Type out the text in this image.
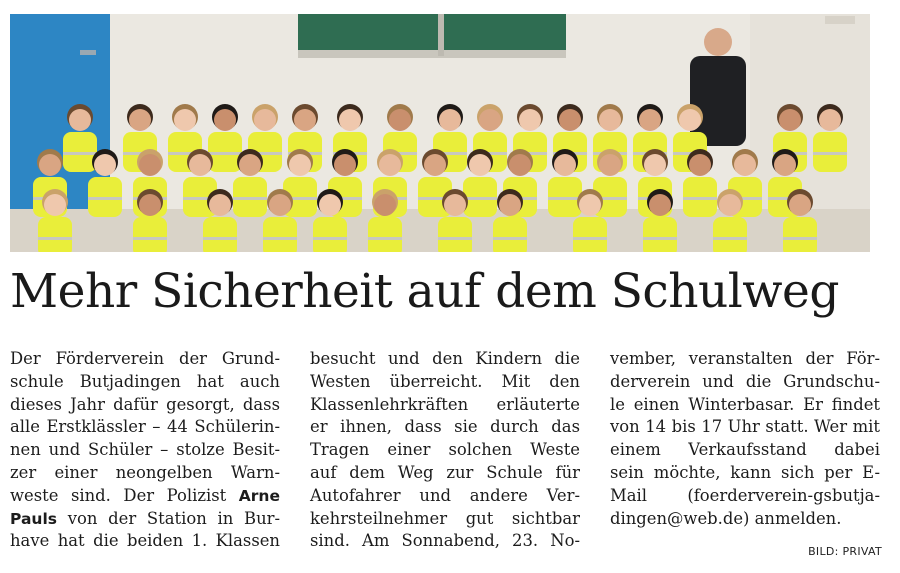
Mehr Sicherheit auf dem Schulweg
Der Förderverein der Grund-
schule Butjadingen hat auch
dieses Jahr dafür gesorgt, dass
alle Erstklässler – 44 Schülerin-
nen und Schüler – stolze Besit-
zer einer neongelben Warn-
weste sind. Der Polizist Arne
Pauls von der Station in Bur-
have hat die beiden 1. Klassen
besucht und den Kindern die
Westen überreicht. Mit den
Klassenlehrkräften erläuterte
er ihnen, dass sie durch das
Tragen einer solchen Weste
auf dem Weg zur Schule für
Autofahrer und andere Ver-
kehrsteilnehmer gut sichtbar
sind. Am Sonnabend, 23. No-
vember, veranstalten der För-
derverein und die Grundschu-
le einen Winterbasar. Er findet
von 14 bis 17 Uhr statt. Wer mit
einem Verkaufsstand dabei
sein möchte, kann sich per E-
Mail (foerderverein-gsbutja-
dingen@web.de) anmelden.
BILD: PRIVAT
